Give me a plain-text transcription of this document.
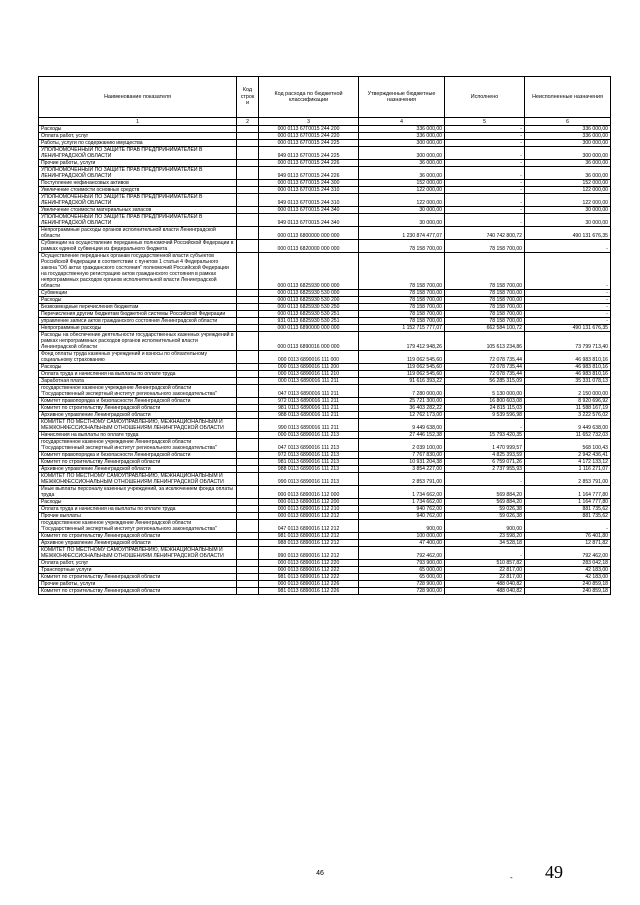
Наименование показателя	Код строк и	Код расхода по бюджетной классификации	Утвержденные бюджетные назначения	Исполнено	Неисполненные назначения
1	2	3	4	5	6
Расходы		000 0113 67Г0015 244 200	336 000,00	-	336 000,00
Оплата работ, услуг		000 0113 67Г0015 244 220	336 000,00	-	336 000,00
Работы, услуги по содержанию имущества		000 0113 67Г0015 244 225	300 000,00	-	300 000,00
УПОЛНОМОЧЕННЫЙ ПО ЗАЩИТЕ ПРАВ ПРЕДПРИНИМАТЕЛЕЙ В ЛЕНИНГРАДСКОЙ ОБЛАСТИ		949 0113 67Г0015 244 225	300 000,00	-	300 000,00
Прочие работы, услуги		000 0113 67Г0015 244 226	36 000,00	-	36 000,00
УПОЛНОМОЧЕННЫЙ ПО ЗАЩИТЕ ПРАВ ПРЕДПРИНИМАТЕЛЕЙ В ЛЕНИНГРАДСКОЙ ОБЛАСТИ		949 0113 67Г0015 244 226	36 000,00	-	36 000,00
Поступление нефинансовых активов		000 0113 67Г0015 244 300	152 000,00	-	152 000,00
Увеличение стоимости основных средств		000 0113 67Г0015 244 310	122 000,00	-	122 000,00
УПОЛНОМОЧЕННЫЙ ПО ЗАЩИТЕ ПРАВ ПРЕДПРИНИМАТЕЛЕЙ В ЛЕНИНГРАДСКОЙ ОБЛАСТИ		949 0113 67Г0015 244 310	122 000,00	-	122 000,00
Увеличение стоимости материальных запасов		000 0113 67Г0015 244 340	30 000,00	-	30 000,00
УПОЛНОМОЧЕННЫЙ ПО ЗАЩИТЕ ПРАВ ПРЕДПРИНИМАТЕЛЕЙ В ЛЕНИНГРАДСКОЙ ОБЛАСТИ		949 0113 67Г0015 244 340	30 000,00	-	30 000,00
Непрограммные расходы органов исполнительной власти Ленинградской области		000 0113 6800000 000 000	1 230 874 477,07	740 742 800,72	490 131 676,35
Субвенции на осуществление переданных полномочий Российской Федерации в рамках единой субвенции из федерального бюджета		000 0113 6820000 000 000	78 158 700,00	78 158 700,00	-
Осуществление переданных органам государственной власти субъектов Российской Федерации в соответствии с пунктом 1 статьи 4 Федерального закона "Об актах гражданского состояния" полномочий Российской Федерации на государственную регистрацию актов гражданского состояния в рамках непрограммных расходов органов исполнительной власти Ленинградской области		000 0113 6825930 000 000	78 158 700,00	78 158 700,00	-
Субвенции		000 0113 6825930 530 000	78 158 700,00	78 158 700,00	-
Расходы		000 0113 6825930 530 200	78 158 700,00	78 158 700,00	-
Безвозмездные перечисления бюджетам		000 0113 6825930 530 250	78 158 700,00	78 158 700,00	-
Перечисления другим бюджетам бюджетной системы Российской Федерации		000 0113 6825930 530 251	78 158 700,00	78 158 700,00	-
управление записи актов гражданского состояния Ленинградской области		931 0113 6825930 530 251	78 158 700,00	78 158 700,00	-
Непрограммные расходы		000 0113 6890000 000 000	1 152 715 777,07	662 584 100,72	490 131 676,35
Расходы на обеспечение деятельности государственных казенных учреждений в рамках непрограммных расходов органов исполнительной власти Ленинградской области		000 0113 6890016 000 000	179 412 948,26	105 613 234,86	73 799 713,40
Фонд оплаты труда казенных учреждений и взносы по обязательному социальному страхованию		000 0113 6890016 111 000	119 062 545,60	72 078 735,44	46 983 810,16
Расходы		000 0113 6890016 111 200	119 062 545,60	72 078 735,44	46 983 810,16
Оплата труда и начисления на выплаты по оплате труда		000 0113 6890016 111 210	119 062 545,60	72 078 735,44	46 983 810,16
Заработная плата		000 0113 6890016 111 211	91 616 393,22	56 285 315,09	35 331 078,13
государственное казенное учреждение Ленинградской области "Государственный экспертный институт регионального законодательства"		047 0113 6890016 111 211	7 280 000,00	5 130 000,00	2 150 000,00
Комитет правопорядка и безопасности Ленинградской области		972 0113 6890016 111 211	25 721 300,00	16 800 603,08	8 920 696,92
Комитет по строительству Ленинградской области		981 0113 6890016 111 211	36 403 282,22	24 815 115,03	11 588 167,19
Архивное управление Ленинградской области		988 0113 6890016 111 211	12 762 173,00	9 539 596,98	3 222 576,02
КОМИТЕТ ПО МЕСТНОМУ САМОУПРАВЛЕНИЮ, МЕЖНАЦИОНАЛЬНЫМ И МЕЖКОНФЕССИОНАЛЬНЫМ ОТНОШЕНИЯМ ЛЕНИНГРАДСКОЙ ОБЛАСТИ		990 0113 6890016 111 211	9 449 638,00	-	9 449 638,00
Начисления на выплаты по оплате труда		000 0113 6890016 111 213	27 446 152,38	15 793 420,35	11 652 732,03
государственное казенное учреждение Ленинградской области "Государственный экспертный институт регионального законодательства"		047 0113 6890016 111 213	2 039 100,00	1 470 999,57	568 100,43
Комитет правопорядка и безопасности Ленинградской области		972 0113 6890016 111 213	7 767 830,00	4 825 393,59	2 942 436,41
Комитет по строительству Ленинградской области		981 0113 6890016 111 213	10 931 204,38	6 759 071,26	4 172 133,12
Архивное управление Ленинградской области		988 0113 6890016 111 213	3 854 227,00	2 737 955,93	1 116 271,07
КОМИТЕТ ПО МЕСТНОМУ САМОУПРАВЛЕНИЮ, МЕЖНАЦИОНАЛЬНЫМ И МЕЖКОНФЕССИОНАЛЬНЫМ ОТНОШЕНИЯМ ЛЕНИНГРАДСКОЙ ОБЛАСТИ		990 0113 6890016 111 213	2 853 791,00	-	2 853 791,00
Иные выплаты персоналу казенных учреждений, за исключением фонда оплаты труда		000 0113 6890016 112 000	1 734 662,00	569 884,20	1 164 777,80
Расходы		000 0113 6890016 112 200	1 734 662,00	569 884,20	1 164 777,80
Оплата труда и начисления на выплаты по оплате труда		000 0113 6890016 112 210	940 762,00	59 026,38	881 735,62
Прочие выплаты		000 0113 6890016 112 212	940 762,00	59 026,38	881 735,62
государственное казенное учреждение Ленинградской области "Государственный экспертный институт регионального законодательства"		047 0113 6890016 112 212	900,00	900,00	-
Комитет по строительству Ленинградской области		981 0113 6890016 112 212	100 000,00	23 598,20	76 401,80
Архивное управление Ленинградской области		988 0113 6890016 112 212	47 400,00	34 528,18	12 871,82
КОМИТЕТ ПО МЕСТНОМУ САМОУПРАВЛЕНИЮ, МЕЖНАЦИОНАЛЬНЫМ И МЕЖКОНФЕССИОНАЛЬНЫМ ОТНОШЕНИЯМ ЛЕНИНГРАДСКОЙ ОБЛАСТИ		990 0113 6890016 112 212	792 462,00	-	792 462,00
Оплата работ, услуг		000 0113 6890016 112 220	793 900,00	510 857,82	283 042,18
Транспортные услуги		000 0113 6890016 112 222	65 000,00	22 817,00	42 183,00
Комитет по строительству Ленинградской области		981 0113 6890016 112 222	65 000,00	22 817,00	42 183,00
Прочие работы, услуги		000 0113 6890016 112 226	728 900,00	488 040,82	240 859,18
Комитет по строительству Ленинградской области		981 0113 6890016 112 226	728 900,00	488 040,82	240 859,18
46	- 49
